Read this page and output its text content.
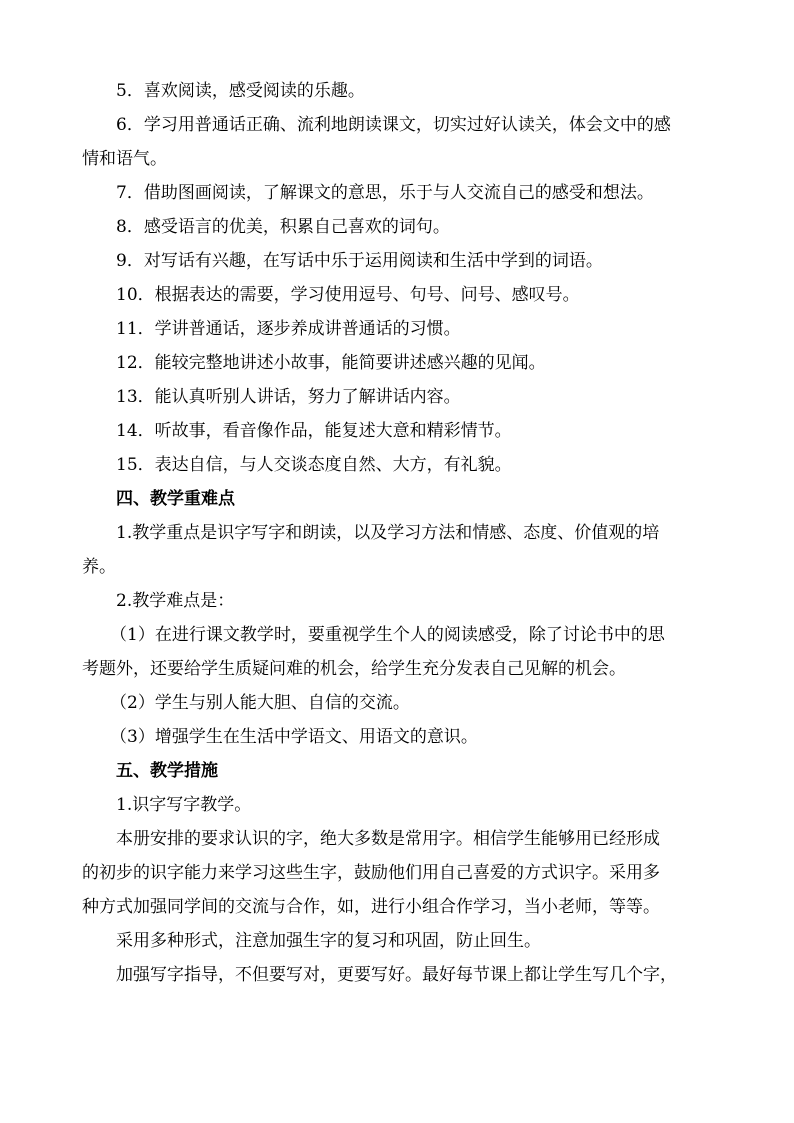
5．喜欢阅读，感受阅读的乐趣。
6．学习用普通话正确、流利地朗读课文，切实过好认读关，体会文中的感
情和语气。
7．借助图画阅读，了解课文的意思，乐于与人交流自己的感受和想法。
8．感受语言的优美，积累自己喜欢的词句。
9．对写话有兴趣，在写话中乐于运用阅读和生活中学到的词语。
10．根据表达的需要，学习使用逗号、句号、问号、感叹号。
11．学讲普通话，逐步养成讲普通话的习惯。
12．能较完整地讲述小故事，能简要讲述感兴趣的见闻。
13．能认真听别人讲话，努力了解讲话内容。
14．听故事，看音像作品，能复述大意和精彩情节。
15．表达自信，与人交谈态度自然、大方，有礼貌。
四、教学重难点
1.教学重点是识字写字和朗读，以及学习方法和情感、态度、价值观的培
养。
2.教学难点是：
（1）在进行课文教学时，要重视学生个人的阅读感受，除了讨论书中的思
考题外，还要给学生质疑问难的机会，给学生充分发表自己见解的机会。
（2）学生与别人能大胆、自信的交流。
（3）增强学生在生活中学语文、用语文的意识。
五、教学措施
1.识字写字教学。
本册安排的要求认识的字，绝大多数是常用字。相信学生能够用已经形成
的初步的识字能力来学习这些生字，鼓励他们用自己喜爱的方式识字。采用多
种方式加强同学间的交流与合作，如，进行小组合作学习，当小老师，等等。
采用多种形式，注意加强生字的复习和巩固，防止回生。
加强写字指导，不但要写对，更要写好。最好每节课上都让学生写几个字，
